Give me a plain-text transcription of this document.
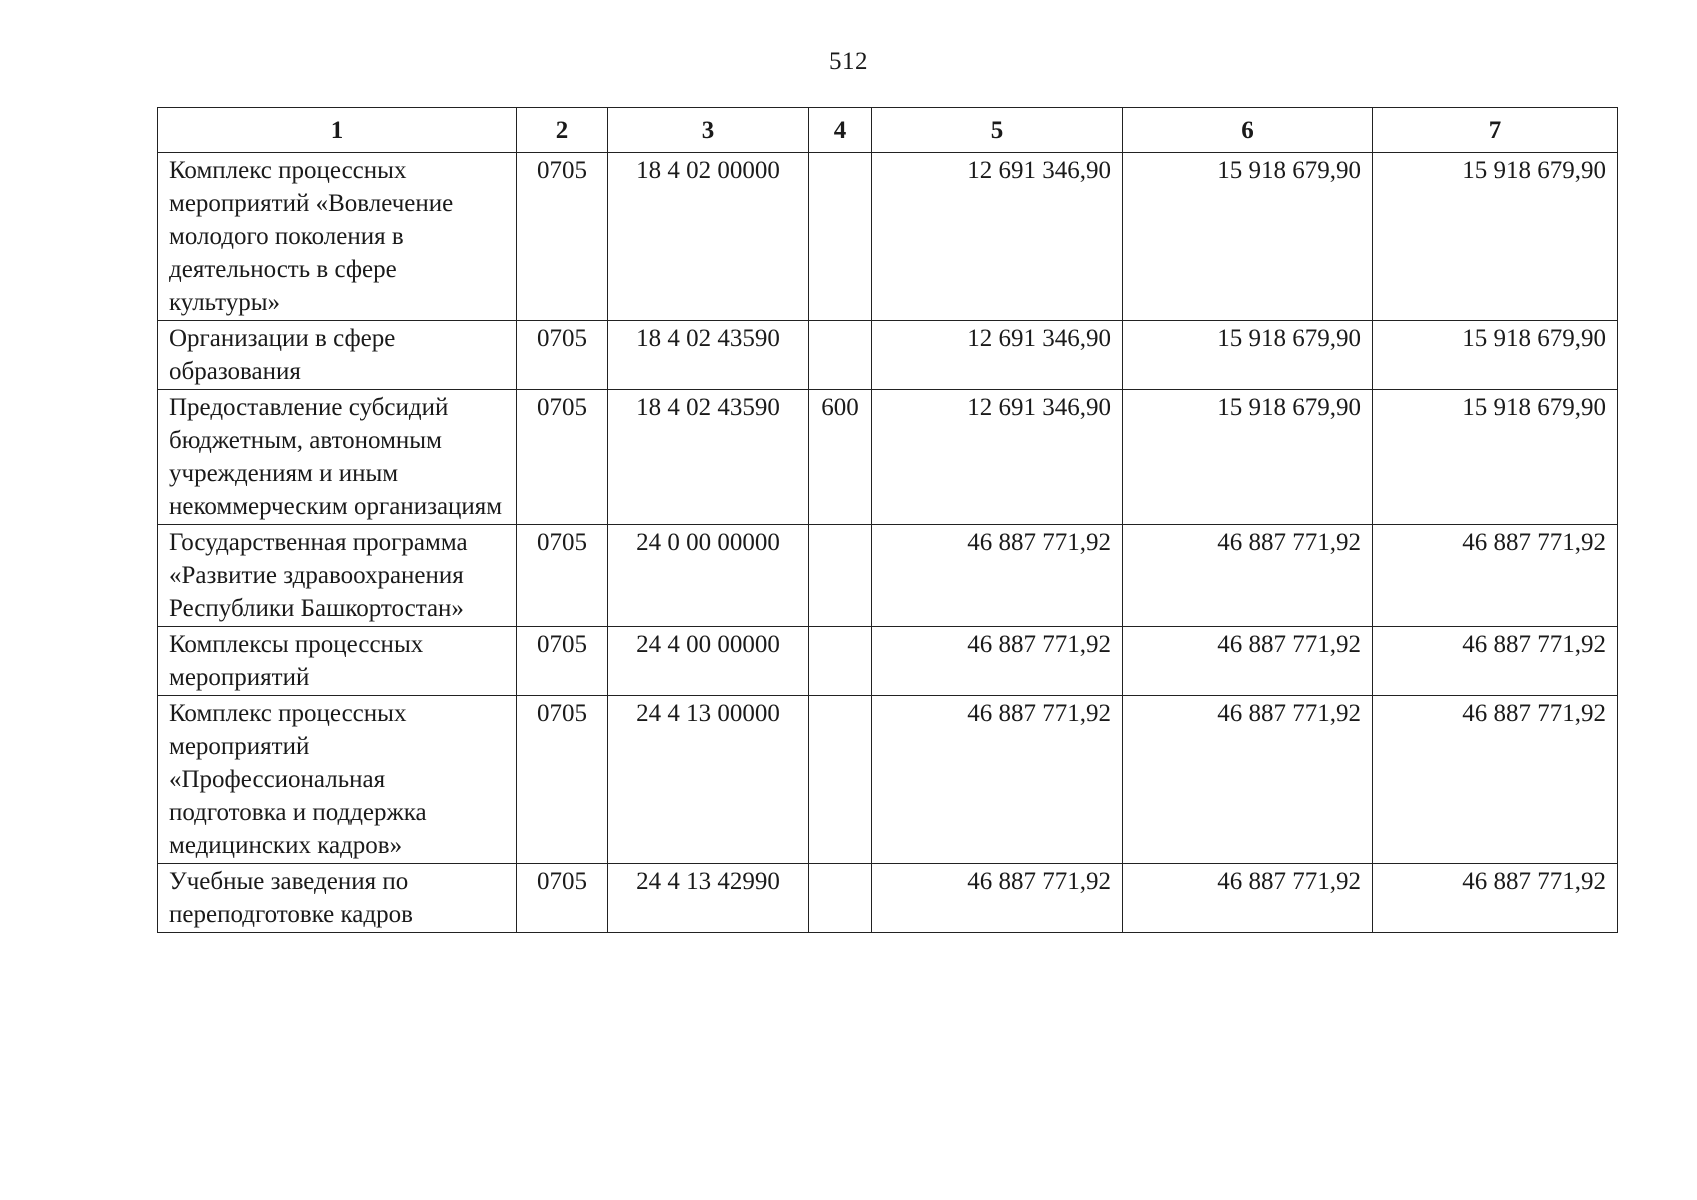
512
1	2	3	4	5	6	7
Комплекс процессных мероприятий «Вовлечение молодого поколения в деятельность в сфере культуры»	0705	18 4 02 00000		12 691 346,90	15 918 679,90	15 918 679,90
Организации в сфере образования	0705	18 4 02 43590		12 691 346,90	15 918 679,90	15 918 679,90
Предоставление субсидий бюджетным, автономным учреждениям и иным некоммерческим организациям	0705	18 4 02 43590	600	12 691 346,90	15 918 679,90	15 918 679,90
Государственная программа «Развитие здравоохранения Республики Башкортостан»	0705	24 0 00 00000		46 887 771,92	46 887 771,92	46 887 771,92
Комплексы процессных мероприятий	0705	24 4 00 00000		46 887 771,92	46 887 771,92	46 887 771,92
Комплекс процессных мероприятий «Профессиональная подготовка и поддержка медицинских кадров»	0705	24 4 13 00000		46 887 771,92	46 887 771,92	46 887 771,92
Учебные заведения по переподготовке кадров	0705	24 4 13 42990		46 887 771,92	46 887 771,92	46 887 771,92
